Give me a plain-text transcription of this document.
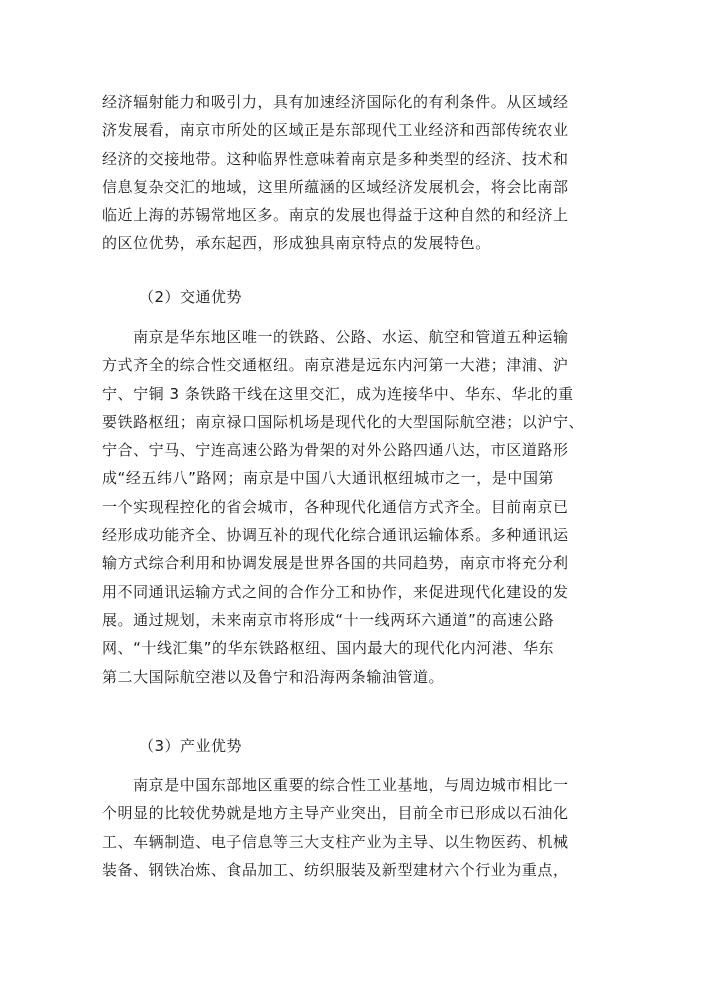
经济辐射能力和吸引力，具有加速经济国际化的有利条件。从区域经
济发展看，南京市所处的区域正是东部现代工业经济和西部传统农业
经济的交接地带。这种临界性意味着南京是多种类型的经济、技术和
信息复杂交汇的地域，这里所蕴涵的区域经济发展机会，将会比南部
临近上海的苏锡常地区多。南京的发展也得益于这种自然的和经济上
的区位优势，承东起西，形成独具南京特点的发展特色。
（2）交通优势
　　南京是华东地区唯一的铁路、公路、水运、航空和管道五种运输
方式齐全的综合性交通枢纽。南京港是远东内河第一大港；津浦、沪
宁、宁铜 3 条铁路干线在这里交汇，成为连接华中、华东、华北的重
要铁路枢纽；南京禄口国际机场是现代化的大型国际航空港；以沪宁、
宁合、宁马、宁连高速公路为骨架的对外公路四通八达，市区道路形
成“经五纬八”路网；南京是中国八大通讯枢纽城市之一，是中国第
一个实现程控化的省会城市，各种现代化通信方式齐全。目前南京已
经形成功能齐全、协调互补的现代化综合通讯运输体系。多种通讯运
输方式综合利用和协调发展是世界各国的共同趋势，南京市将充分利
用不同通讯运输方式之间的合作分工和协作，来促进现代化建设的发
展。通过规划，未来南京市将形成“十一线两环六通道”的高速公路
网、“十线汇集”的华东铁路枢纽、国内最大的现代化内河港、华东
第二大国际航空港以及鲁宁和沿海两条输油管道。
（3）产业优势
　　南京是中国东部地区重要的综合性工业基地，与周边城市相比一
个明显的比较优势就是地方主导产业突出，目前全市已形成以石油化
工、车辆制造、电子信息等三大支柱产业为主导、以生物医药、机械
装备、钢铁冶炼、食品加工、纺织服装及新型建材六个行业为重点，
